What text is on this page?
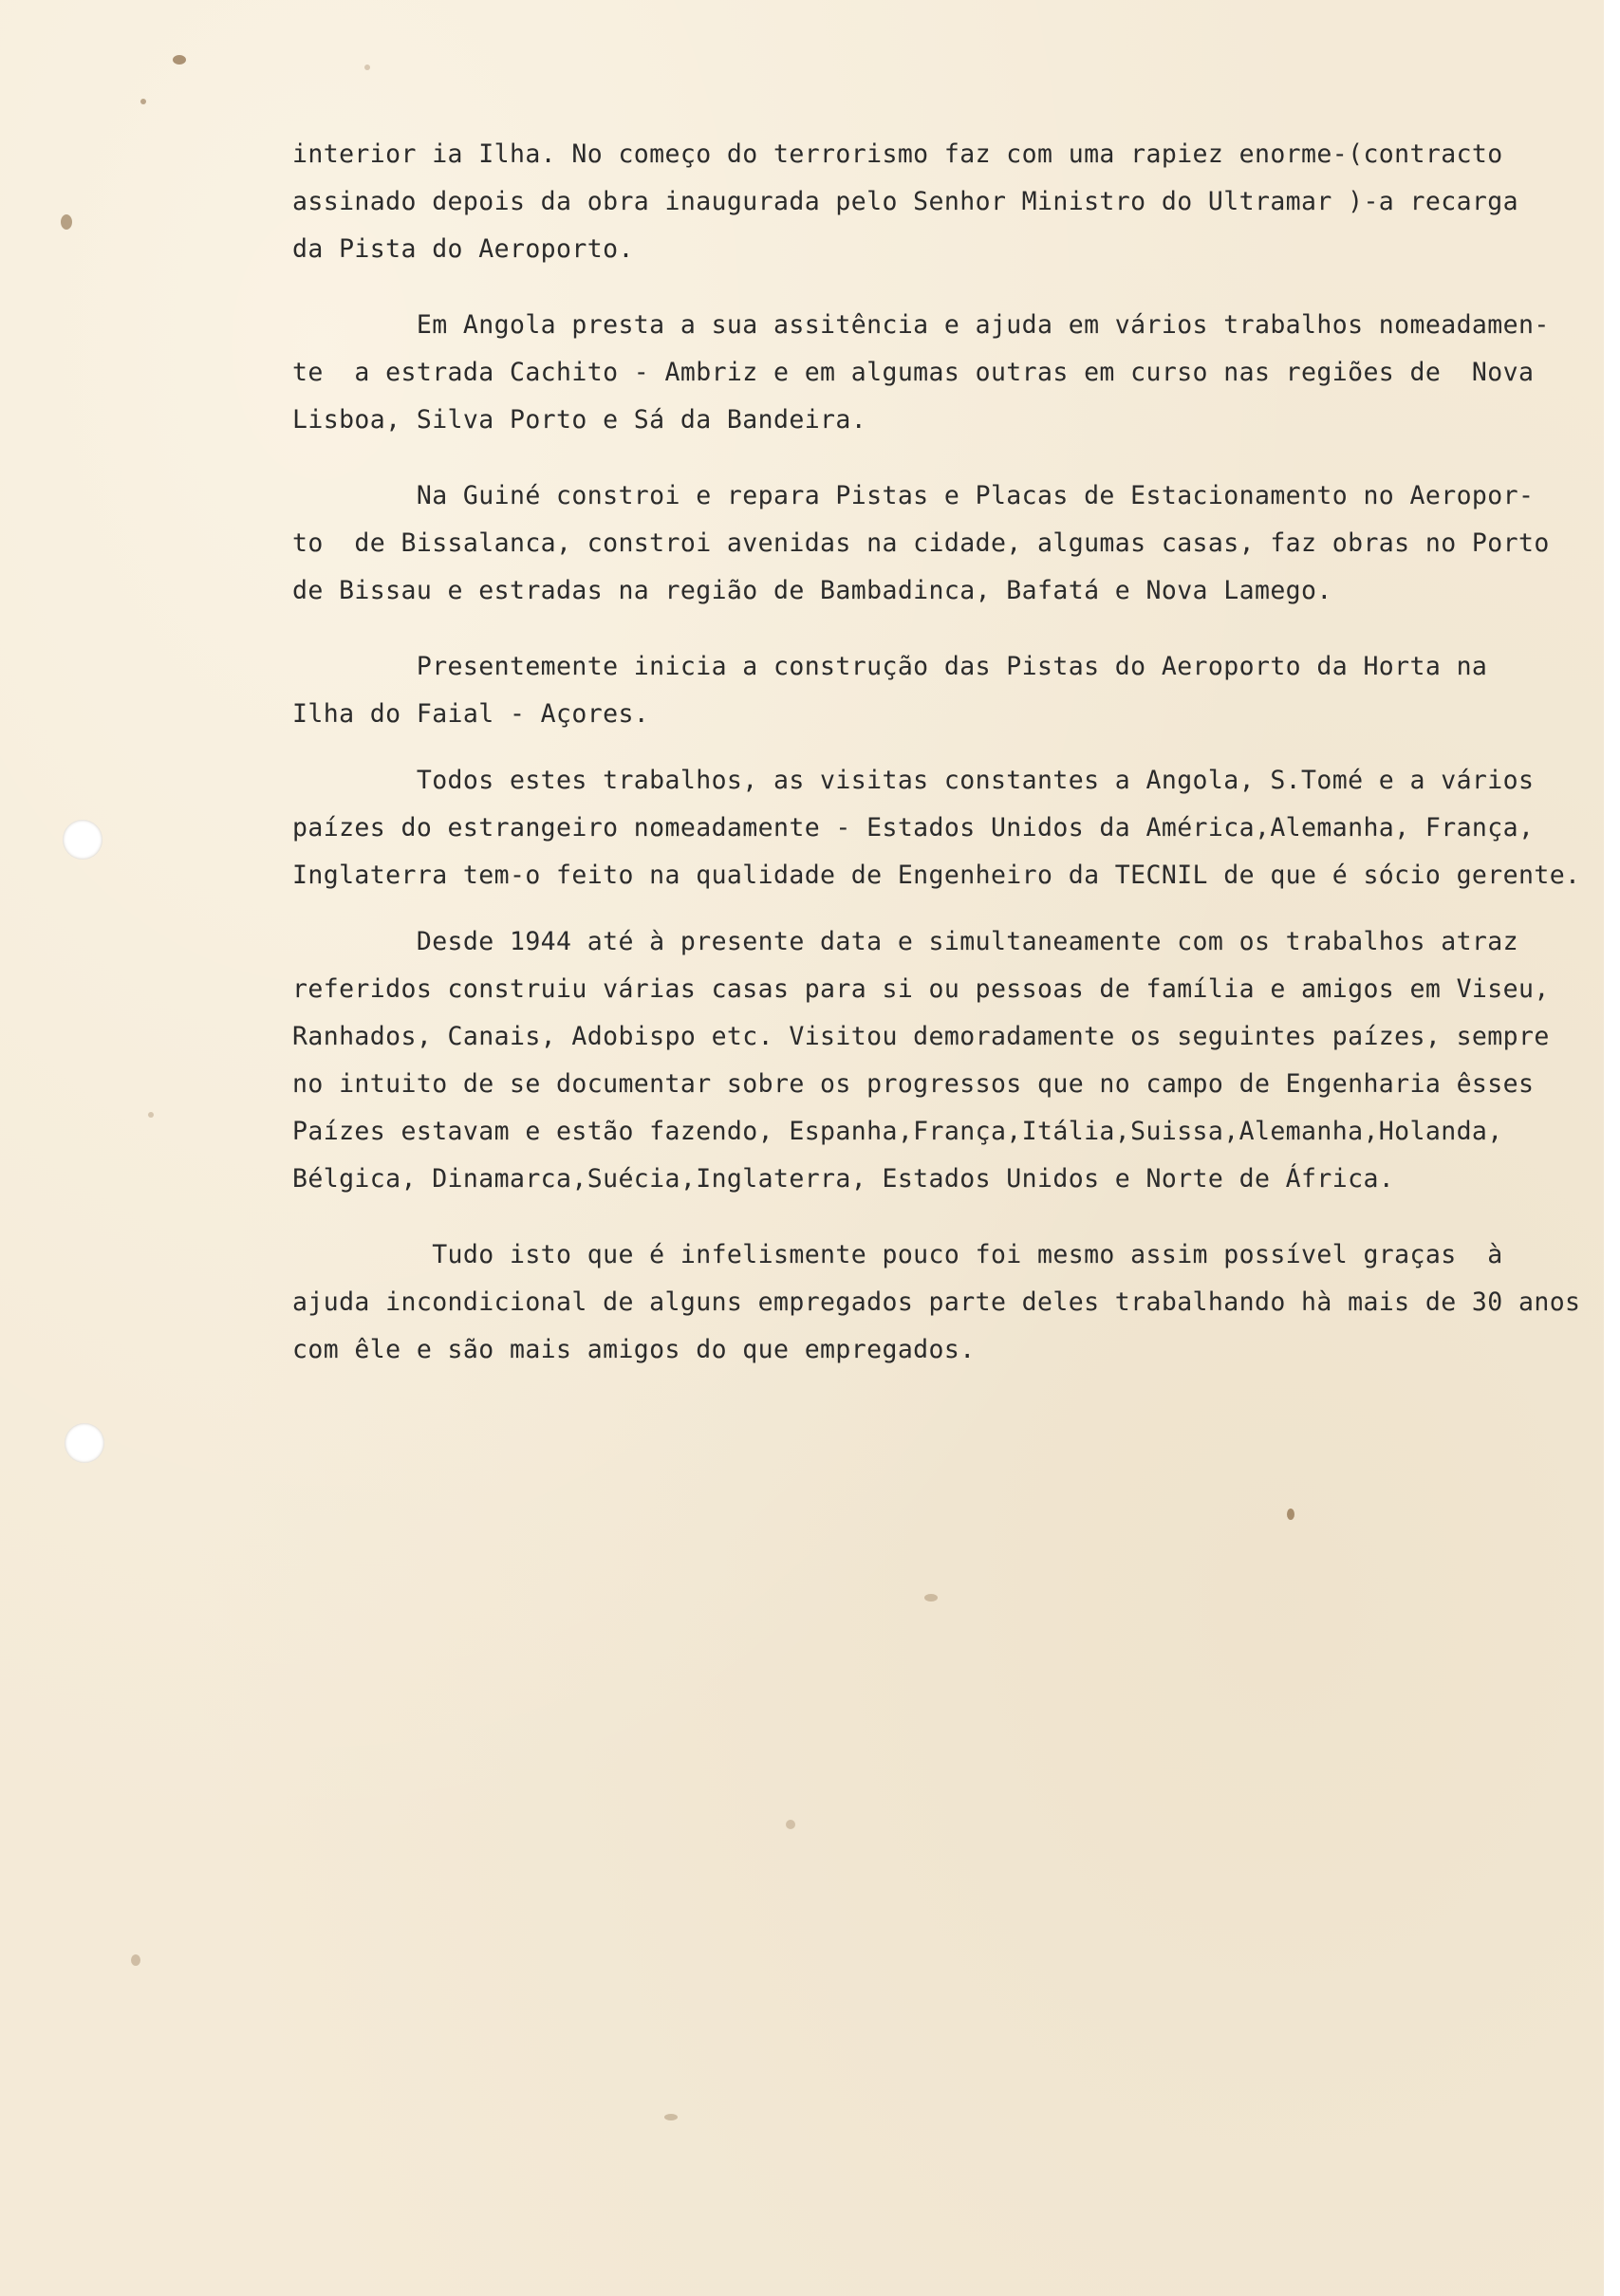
interior ia Ilha. No começo do terrorismo faz com uma rapiez enorme-(contracto
assinado depois da obra inaugurada pelo Senhor Ministro do Ultramar )-a recarga
da Pista do Aeroporto.
Em Angola presta a sua assitência e ajuda em vários trabalhos nomeadamen-
te  a estrada Cachito - Ambriz e em algumas outras em curso nas regiões de  Nova
Lisboa, Silva Porto e Sá da Bandeira.
Na Guiné constroi e repara Pistas e Placas de Estacionamento no Aeropor-
to  de Bissalanca, constroi avenidas na cidade, algumas casas, faz obras no Porto
de Bissau e estradas na região de Bambadinca, Bafatá e Nova Lamego.
Presentemente inicia a construção das Pistas do Aeroporto da Horta na
Ilha do Faial - Açores.
Todos estes trabalhos, as visitas constantes a Angola, S.Tomé e a vários
paízes do estrangeiro nomeadamente - Estados Unidos da América,Alemanha, França,
Inglaterra tem-o feito na qualidade de Engenheiro da TECNIL de que é sócio gerente.
Desde 1944 até à presente data e simultaneamente com os trabalhos atraz
referidos construiu várias casas para si ou pessoas de família e amigos em Viseu,
Ranhados, Canais, Adobispo etc. Visitou demoradamente os seguintes paízes, sempre
no intuito de se documentar sobre os progressos que no campo de Engenharia êsses
Paízes estavam e estão fazendo, Espanha,França,Itália,Suissa,Alemanha,Holanda,
Bélgica, Dinamarca,Suécia,Inglaterra, Estados Unidos e Norte de África.
Tudo isto que é infelismente pouco foi mesmo assim possível graças  à
ajuda incondicional de alguns empregados parte deles trabalhando hà mais de 30 anos
com êle e são mais amigos do que empregados.
